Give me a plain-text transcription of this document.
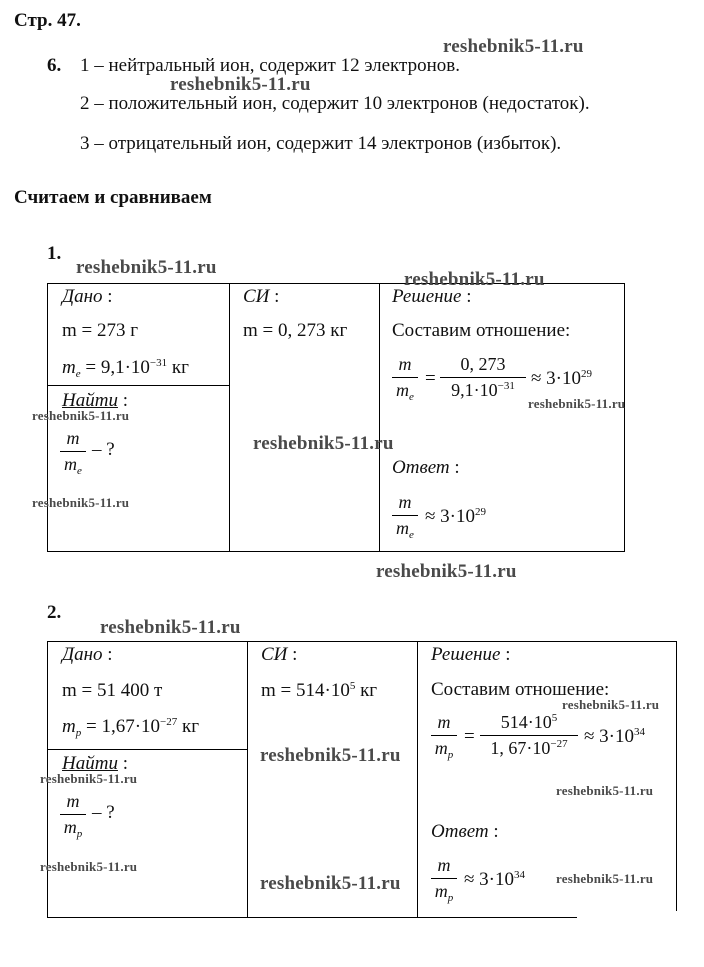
Стр. 47.
6. 1 – нейтральный ион, содержит 12 электронов.
2 – положительный ион, содержит 10 электронов (недостаток).
3 – отрицательный ион, содержит 14 электронов (избыток).
Считаем и сравниваем
1.
Дано :
m = 273 г
$m_e = 9,1\cdot 10^{-31}$ кг
Найти :
m
$m_e$
– ?
СИ :
m = 0, 273 кг
Решение :
Составим отношение:
m
$m_e$
=
0, 273
$9,1\cdot 10^{-31} \approx 3\cdot 10^{29}$
Ответ :
m
$m_e$
≈ $3\cdot 10^{29}$
2.
Дано :
m = 51 400 т
$m_p = 1,67\cdot 10^{-27}$ кг
Найти :
m
$m_p$
– ?
СИ :
$m = 514\cdot 10^5$ кг
Решение :
Составим отношение:
m
$m_p$
=
$514\cdot 10^5$
1, $67\cdot 10^{-27} \approx 3\cdot 10^{34}$
Ответ :
m
$m_p$
≈ $3\cdot 10^{34}$
reshebnik5-11.ru
reshebnik5-11.ru
reshebnik5-11.ru
reshebnik5-11.ru
reshebnik5-11.ru
reshebnik5-11.ru
reshebnik5-11.ru
reshebnik5-11.ru
reshebnik5-11.ru
reshebnik5-11.ru
reshebnik5-11.ru
reshebnik5-11.ru
reshebnik5-11.ru
reshebnik5-11.ru
reshebnik5-11.ru
reshebnik5-11.ru	reshebnik5-11.ru
